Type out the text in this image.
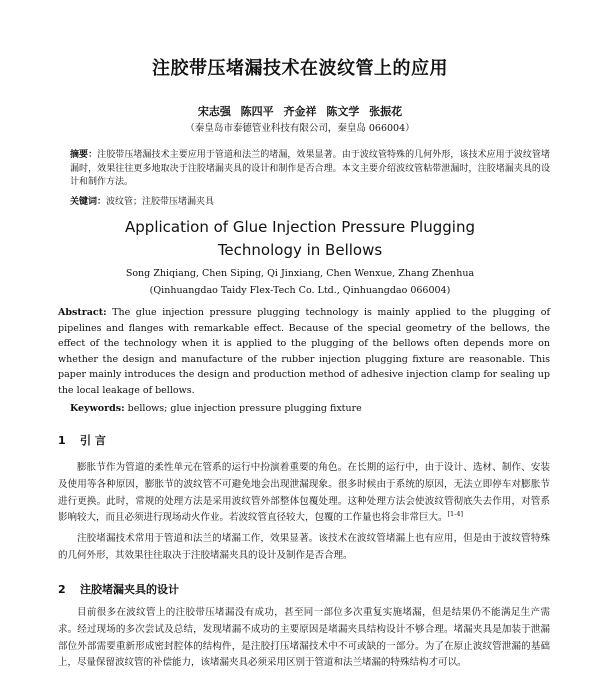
注胶带压堵漏技术在波纹管上的应用
宋志强 陈四平 齐金祥 陈文学 张振花
（秦皇岛市泰德管业科技有限公司，秦皇岛 066004）
摘要：注胶带压堵漏技术主要应用于管道和法兰的堵漏，效果显著。由于波纹管特殊的几何外形，该技术应用于波纹管堵漏时，效果往往更多地取决于注胶堵漏夹具的设计和制作是否合理。本文主要介绍波纹管粘带泄漏时，注胶堵漏夹具的设计和制作方法。
关键词：波纹管；注胶带压堵漏夹具
Application of Glue Injection Pressure Plugging
Technology in Bellows
Song Zhiqiang, Chen Siping, Qi Jinxiang, Chen Wenxue, Zhang Zhenhua
(Qinhuangdao Taidy Flex-Tech Co. Ltd., Qinhuangdao 066004)
Abstract: The glue injection pressure plugging technology is mainly applied to the plugging of pipelines and flanges with remarkable effect. Because of the special geometry of the bellows, the effect of the technology when it is applied to the plugging of the bellows often depends more on whether the design and manufacture of the rubber injection plugging fixture are reasonable. This paper mainly introduces the design and production method of adhesive injection clamp for sealing up the local leakage of bellows.
Keywords: bellows; glue injection pressure plugging fixture
1 引 言
膨胀节作为管道的柔性单元在管系的运行中扮演着重要的角色。在长期的运行中，由于设计、选材、制作、安装及使用等各种原因，膨胀节的波纹管不可避免地会出现泄漏现象。很多时候由于系统的原因，无法立即停车对膨胀节进行更换。此时，常规的处理方法是采用波纹管外部整体包覆处理。这种处理方法会使波纹管彻底失去作用，对管系影响较大，而且必须进行现场动火作业。若波纹管直径较大，包覆的工作量也将会非常巨大。[1-4]
注胶堵漏技术常用于管道和法兰的堵漏工作，效果显著。该技术在波纹管堵漏上也有应用，但是由于波纹管特殊的几何外形，其效果往往取决于注胶堵漏夹具的设计及制作是否合理。
2 注胶堵漏夹具的设计
目前很多在波纹管上的注胶带压堵漏没有成功，甚至同一部位多次重复实施堵漏，但是结果仍不能满足生产需求。经过现场的多次尝试及总结，发现堵漏不成功的主要原因是堵漏夹具结构设计不够合理。堵漏夹具是加装于泄漏部位外部需要重新形成密封腔体的结构件，是注胶打压堵漏技术中不可或缺的一部分。为了在原止波纹管泄漏的基础上，尽量保留波纹管的补偿能力，该堵漏夹具必须采用区别于管道和法兰堵漏的特殊结构才可以。
